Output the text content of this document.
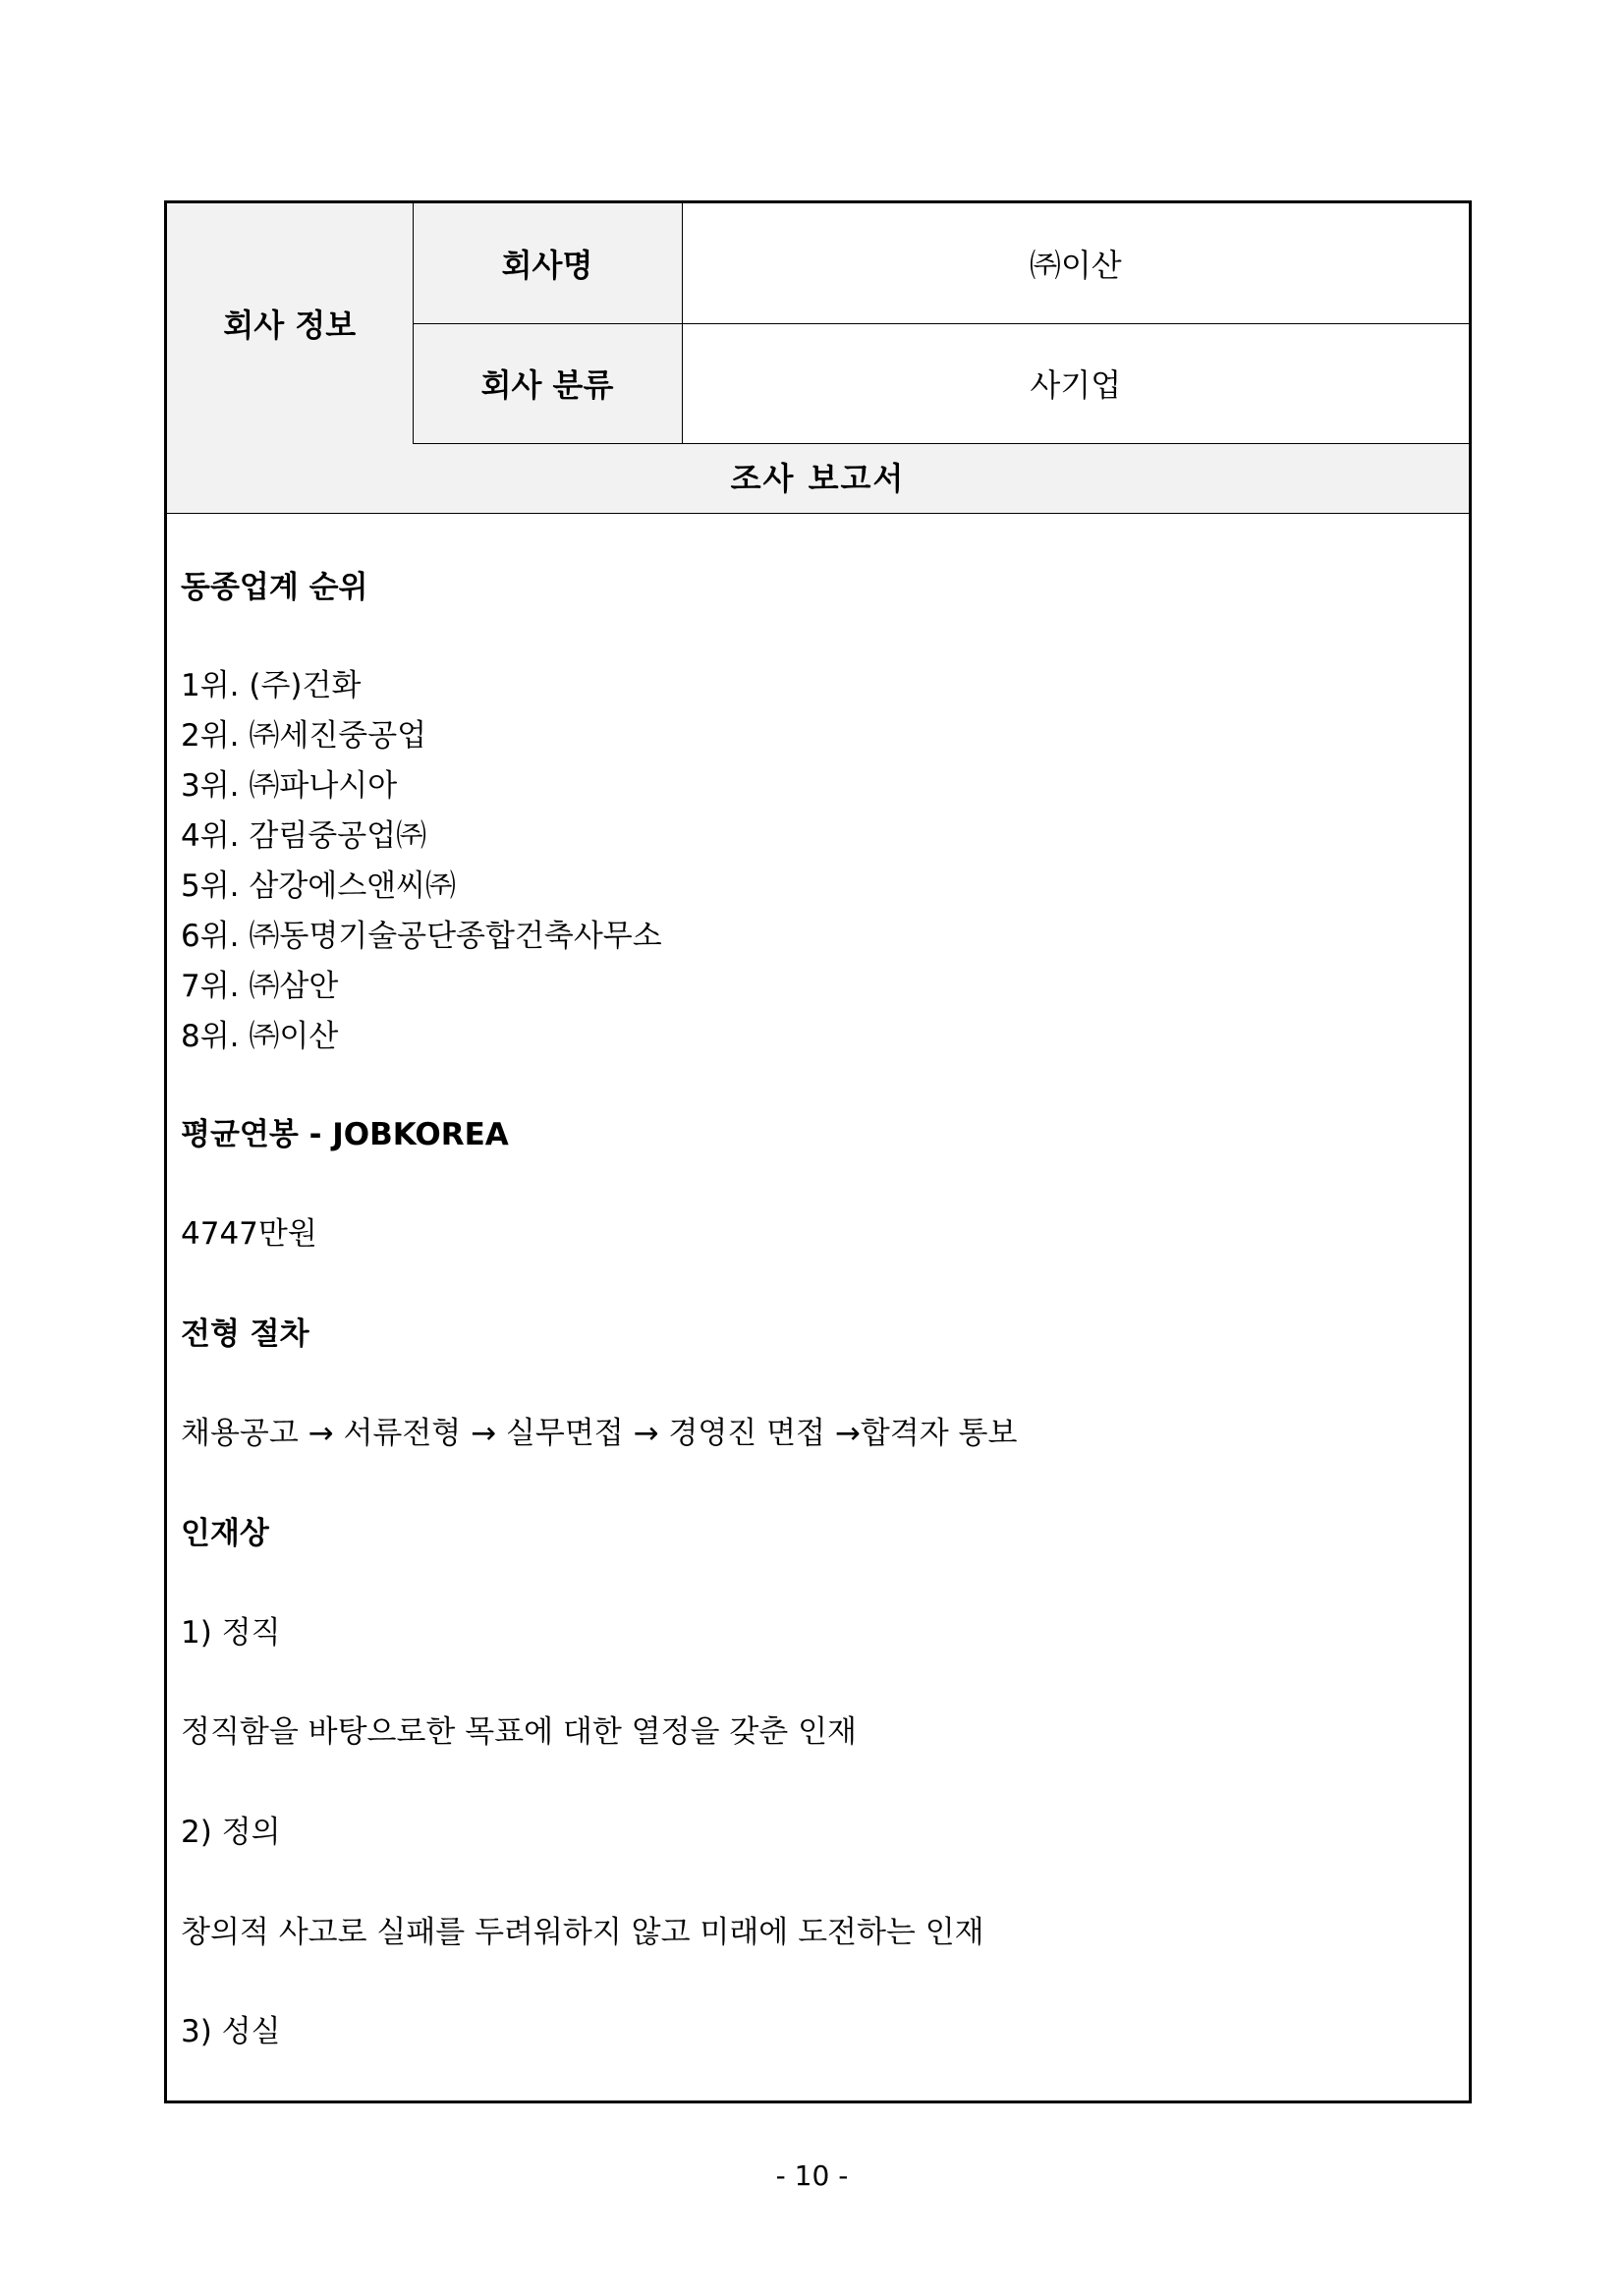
회사 정보	회사명	㈜이산
	회사 분류	사기업
조사 보고서
동종업계 순위
1위. (주)건화
2위. ㈜세진중공업
3위. ㈜파나시아
4위. 감림중공업㈜
5위. 삼강에스앤씨㈜
6위. ㈜동명기술공단종합건축사무소
7위. ㈜삼안
8위. ㈜이산
평균연봉 - JOBKOREA
4747만원
전형 절차
채용공고 → 서류전형 → 실무면접 → 경영진 면접 →합격자 통보
인재상
1) 정직
정직함을 바탕으로한 목표에 대한 열정을 갖춘 인재
2) 정의
창의적 사고로 실패를 두려워하지 않고 미래에 도전하는 인재
3) 성실
- 10 -
